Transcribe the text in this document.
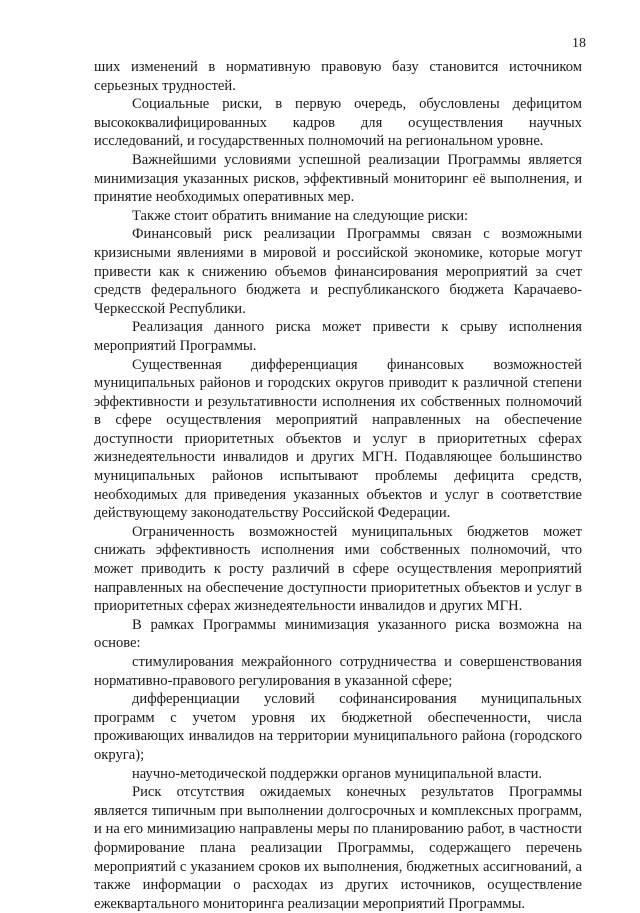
18

ших изменений в нормативную правовую базу становится источником серьезных трудностей.

Социальные риски, в первую очередь, обусловлены дефицитом высококвалифицированных кадров для осуществления научных исследований, и государственных полномочий на региональном уровне.

Важнейшими условиями успешной реализации Программы является минимизация указанных рисков, эффективный мониторинг её выполнения, и принятие необходимых оперативных мер.

Также стоит обратить внимание на следующие риски:

Финансовый риск реализации Программы связан с возможными кризисными явлениями в мировой и российской экономике, которые могут привести как к снижению объемов финансирования мероприятий за счет средств федерального бюджета и республиканского бюджета Карачаево-Черкесской Республики.

Реализация данного риска может привести к срыву исполнения мероприятий Программы.

Существенная дифференциация финансовых возможностей муниципальных районов и городских округов приводит к различной степени эффективности и результативности исполнения их собственных полномочий в сфере осуществления мероприятий направленных на обеспечение доступности приоритетных объектов и услуг в приоритетных сферах жизнедеятельности инвалидов и других МГН. Подавляющее большинство муниципальных районов испытывают проблемы дефицита средств, необходимых для приведения указанных объектов и услуг в соответствие действующему законодательству Российской Федерации.

Ограниченность возможностей муниципальных бюджетов может снижать эффективность исполнения ими собственных полномочий, что может приводить к росту различий в сфере осуществления мероприятий направленных на обеспечение доступности приоритетных объектов и услуг в приоритетных сферах жизнедеятельности инвалидов и других МГН.

В рамках Программы минимизация указанного риска возможна на основе:

стимулирования межрайонного сотрудничества и совершенствования нормативно-правового регулирования в указанной сфере;

дифференциации условий софинансирования муниципальных программ с учетом уровня их бюджетной обеспеченности, числа проживающих инвалидов на территории муниципального района (городского округа);

научно-методической поддержки органов муниципальной власти.

Риск отсутствия ожидаемых конечных результатов Программы является типичным при выполнении долгосрочных и комплексных программ, и на его минимизацию направлены меры по планированию работ, в частности формирование плана реализации Программы, содержащего перечень мероприятий с указанием сроков их выполнения, бюджетных ассигнований, а также информации о расходах из других источников, осуществление ежеквартального мониторинга реализации мероприятий Программы.
